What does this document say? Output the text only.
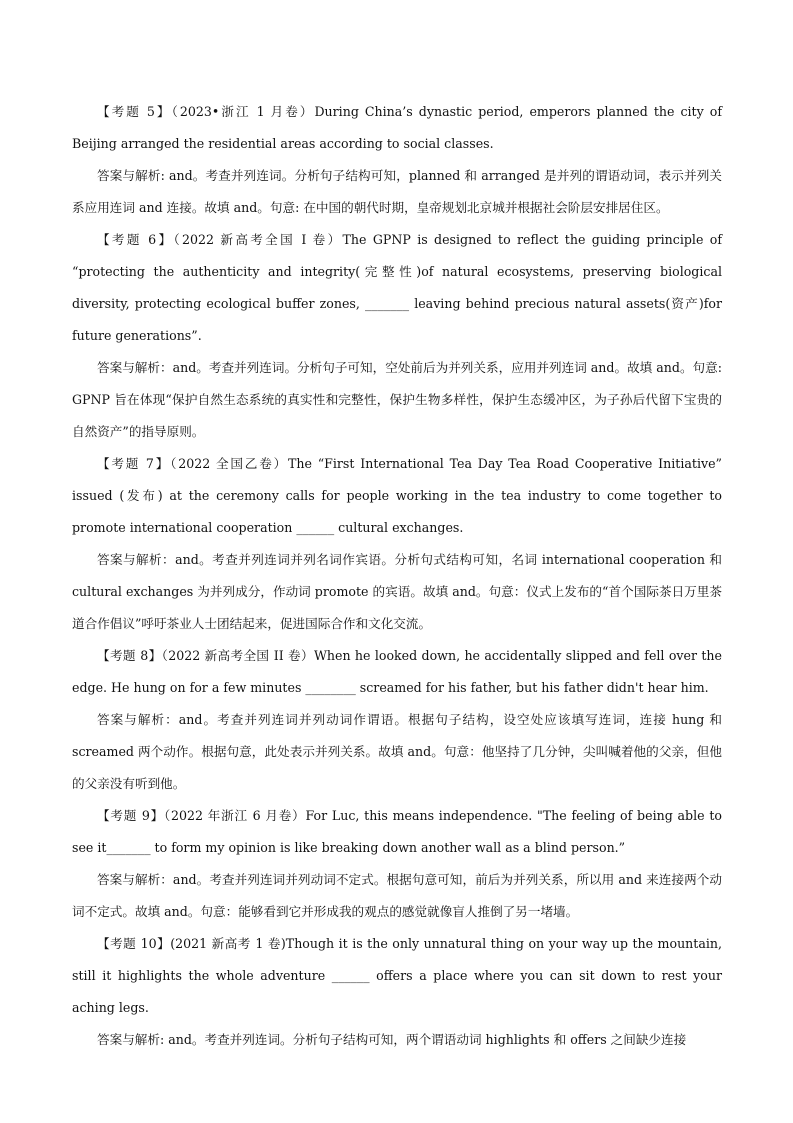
【考题 5】（2023•浙江 1 月卷）During China’s dynastic period, emperors planned the city of Beijing arranged the residential areas according to social classes.

答案与解析: and。考查并列连词。分析句子结构可知，planned 和 arranged 是并列的谓语动词，表示并列关系应用连词 and 连接。故填 and。句意: 在中国的朝代时期，皇帝规划北京城并根据社会阶层安排居住区。

【考题 6】（2022 新高考全国 I 卷）The GPNP is designed to reflect the guiding principle of “protecting the authenticity and integrity(完整性)of natural ecosystems, preserving biological diversity, protecting ecological buffer zones, _______ leaving behind precious natural assets(资产)for future generations”.

答案与解析：and。考查并列连词。分析句子可知，空处前后为并列关系，应用并列连词 and。故填 and。句意: GPNP 旨在体现“保护自然生态系统的真实性和完整性，保护生物多样性，保护生态缓冲区，为子孙后代留下宝贵的自然资产”的指导原则。

【考题 7】（2022 全国乙卷）The “First International Tea Day Tea Road Cooperative Initiative” issued (发布) at the ceremony calls for people working in the tea industry to come together to promote international cooperation ______ cultural exchanges.

答案与解析：and。考查并列连词并列名词作宾语。分析句式结构可知，名词 international cooperation 和 cultural exchanges 为并列成分，作动词 promote 的宾语。故填 and。句意：仪式上发布的“首个国际茶日万里茶道合作倡议”呼吁茶业人士团结起来，促进国际合作和文化交流。

【考题 8】（2022 新高考全国 II 卷）When he looked down, he accidentally slipped and fell over the edge. He hung on for a few minutes ________ screamed for his father, but his father didn't hear him.

答案与解析：and。考查并列连词并列动词作谓语。根据句子结构，设空处应该填写连词，连接 hung 和 screamed 两个动作。根据句意，此处表示并列关系。故填 and。句意：他坚持了几分钟，尖叫喊着他的父亲，但他的父亲没有听到他。

【考题 9】（2022 年浙江 6 月卷）For Luc, this means independence. "The feeling of being able to see it_______ to form my opinion is like breaking down another wall as a blind person.”

答案与解析：and。考查并列连词并列动词不定式。根据句意可知，前后为并列关系，所以用 and 来连接两个动词不定式。故填 and。句意：能够看到它并形成我的观点的感觉就像盲人推倒了另一堵墙。

【考题 10】(2021 新高考 1 卷)Though it is the only unnatural thing on your way up the mountain, still it highlights the whole adventure ______ offers a place where you can sit down to rest your aching legs.

答案与解析: and。考查并列连词。分析句子结构可知，两个谓语动词 highlights 和 offers 之间缺少连接
